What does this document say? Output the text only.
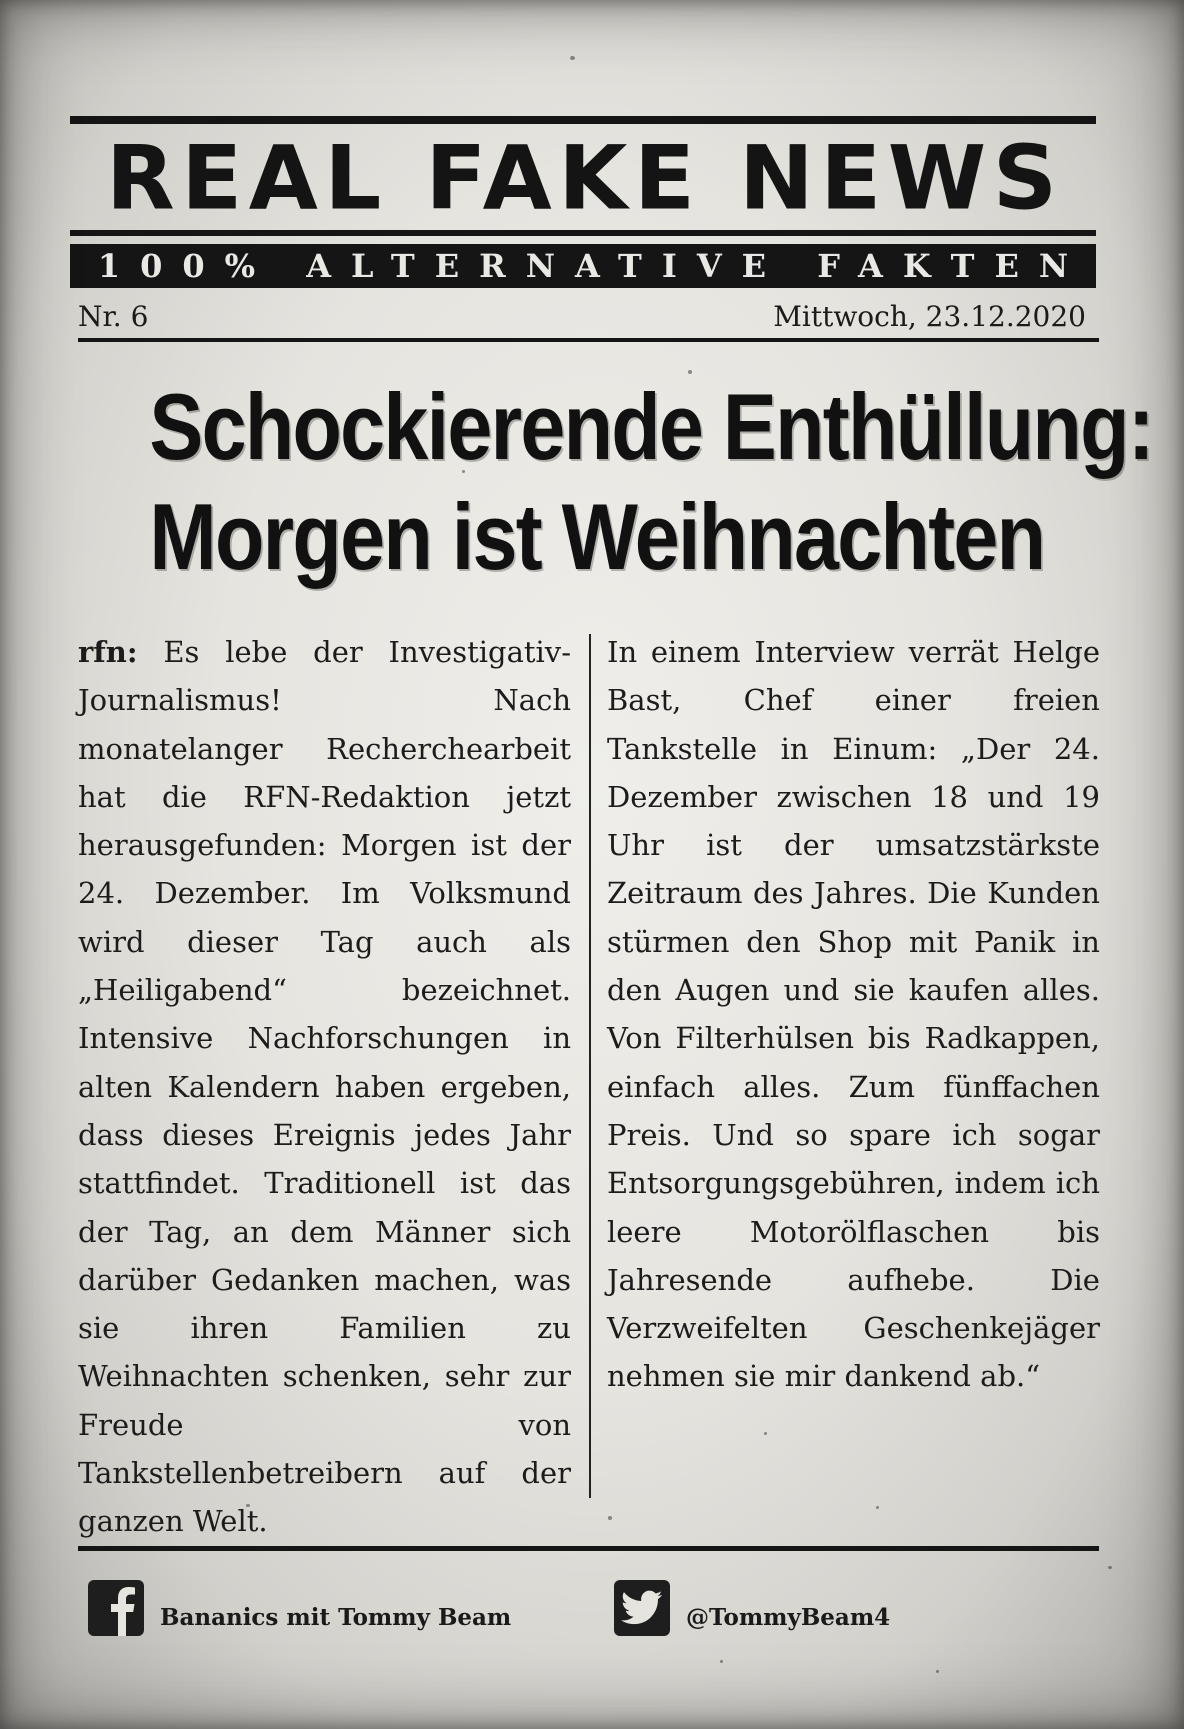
REAL FAKE NEWS
100% ALTERNATIVE FAKTEN
Nr. 6	Mittwoch, 23.12.2020
Schockierende Enthüllung:
Morgen ist Weihnachten

rfn: Es lebe der Investigativ-Journalismus! Nach monatelanger Recherchearbeit hat die RFN-Redaktion jetzt herausgefunden: Morgen ist der 24. Dezember. Im Volksmund wird dieser Tag auch als „Heiligabend“ bezeichnet. Intensive Nachforschungen in alten Kalendern haben ergeben, dass dieses Ereignis jedes Jahr stattfindet. Traditionell ist das der Tag, an dem Männer sich darüber Gedanken machen, was sie ihren Familien zu Weihnachten schenken, sehr zur Freude von Tankstellenbetreibern auf der ganzen Welt.

In einem Interview verrät Helge Bast, Chef einer freien Tankstelle in Einum: „Der 24. Dezember zwischen 18 und 19 Uhr ist der umsatzstärkste Zeitraum des Jahres. Die Kunden stürmen den Shop mit Panik in den Augen und sie kaufen alles. Von Filterhülsen bis Radkappen, einfach alles. Zum fünffachen Preis. Und so spare ich sogar Entsorgungsgebühren, indem ich leere Motorölflaschen bis Jahresende aufhebe. Die Verzweifelten Geschenkejäger nehmen sie mir dankend ab.“

Bananics mit Tommy Beam	@TommyBeam4
